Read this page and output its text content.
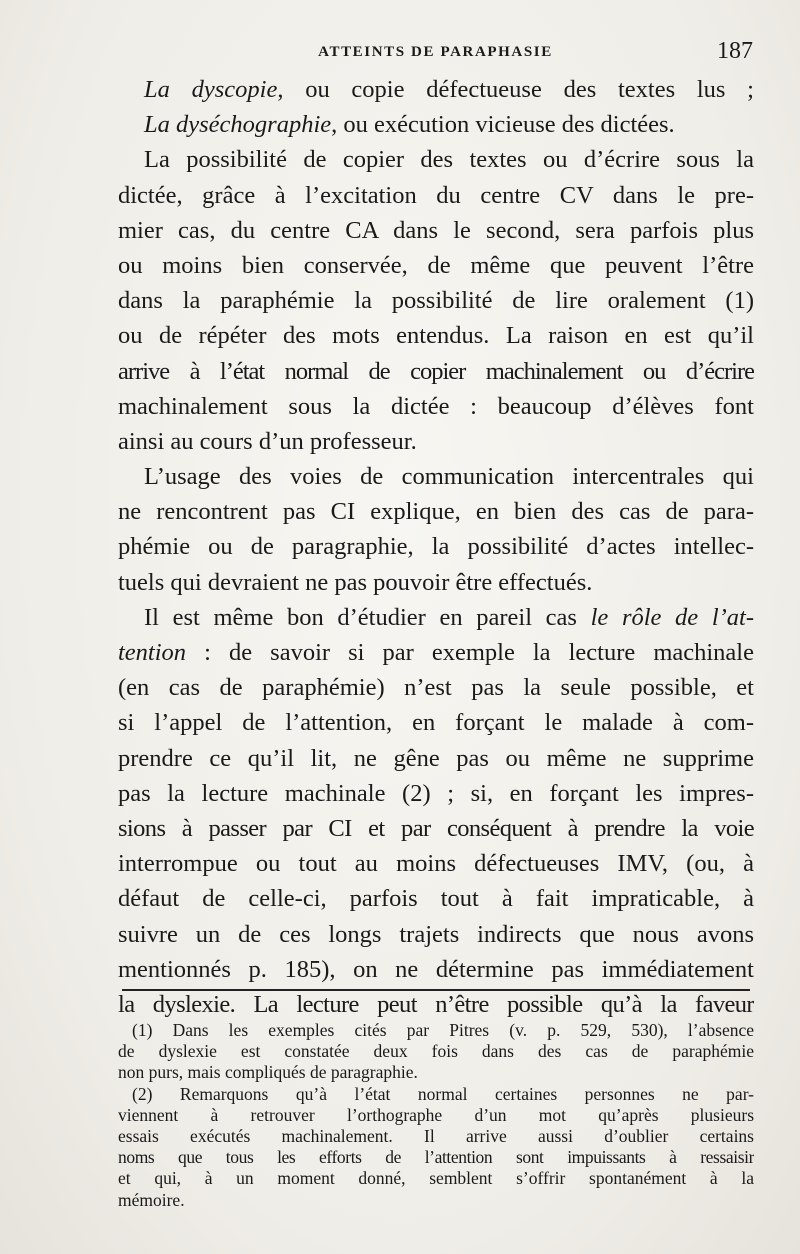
ATTEINTS DE PARAPHASIE	187
La dyscopie, ou copie défectueuse des textes lus ;
La dyséchographie, ou exécution vicieuse des dictées.
La possibilité de copier des textes ou d’écrire sous la
dictée, grâce à l’excitation du centre CV dans le pre-
mier cas, du centre CA dans le second, sera parfois plus
ou moins bien conservée, de même que peuvent l’être
dans la paraphémie la possibilité de lire oralement (1)
ou de répéter des mots entendus. La raison en est qu’il
arrive à l’état normal de copier machinalement ou d’écrire
machinalement sous la dictée : beaucoup d’élèves font
ainsi au cours d’un professeur.
L’usage des voies de communication intercentrales qui
ne rencontrent pas CI explique, en bien des cas de para-
phémie ou de paragraphie, la possibilité d’actes intellec-
tuels qui devraient ne pas pouvoir être effectués.
Il est même bon d’étudier en pareil cas le rôle de l’at-
tention : de savoir si par exemple la lecture machinale
(en cas de paraphémie) n’est pas la seule possible, et
si l’appel de l’attention, en forçant le malade à com-
prendre ce qu’il lit, ne gêne pas ou même ne supprime
pas la lecture machinale (2) ; si, en forçant les impres-
sions à passer par CI et par conséquent à prendre la voie
interrompue ou tout au moins défectueuses IMV, (ou, à
défaut de celle-ci, parfois tout à fait impraticable, à
suivre un de ces longs trajets indirects que nous avons
mentionnés p. 185), on ne détermine pas immédiatement
la dyslexie. La lecture peut n’être possible qu’à la faveur
(1) Dans les exemples cités par Pitres (v. p. 529, 530), l’absence
de dyslexie est constatée deux fois dans des cas de paraphémie
non purs, mais compliqués de paragraphie.
(2) Remarquons qu’à l’état normal certaines personnes ne par-
viennent à retrouver l’orthographe d’un mot qu’après plusieurs
essais exécutés machinalement. Il arrive aussi d’oublier certains
noms que tous les efforts de l’attention sont impuissants à ressaisir
et qui, à un moment donné, semblent s’offrir spontanément à la
mémoire.
